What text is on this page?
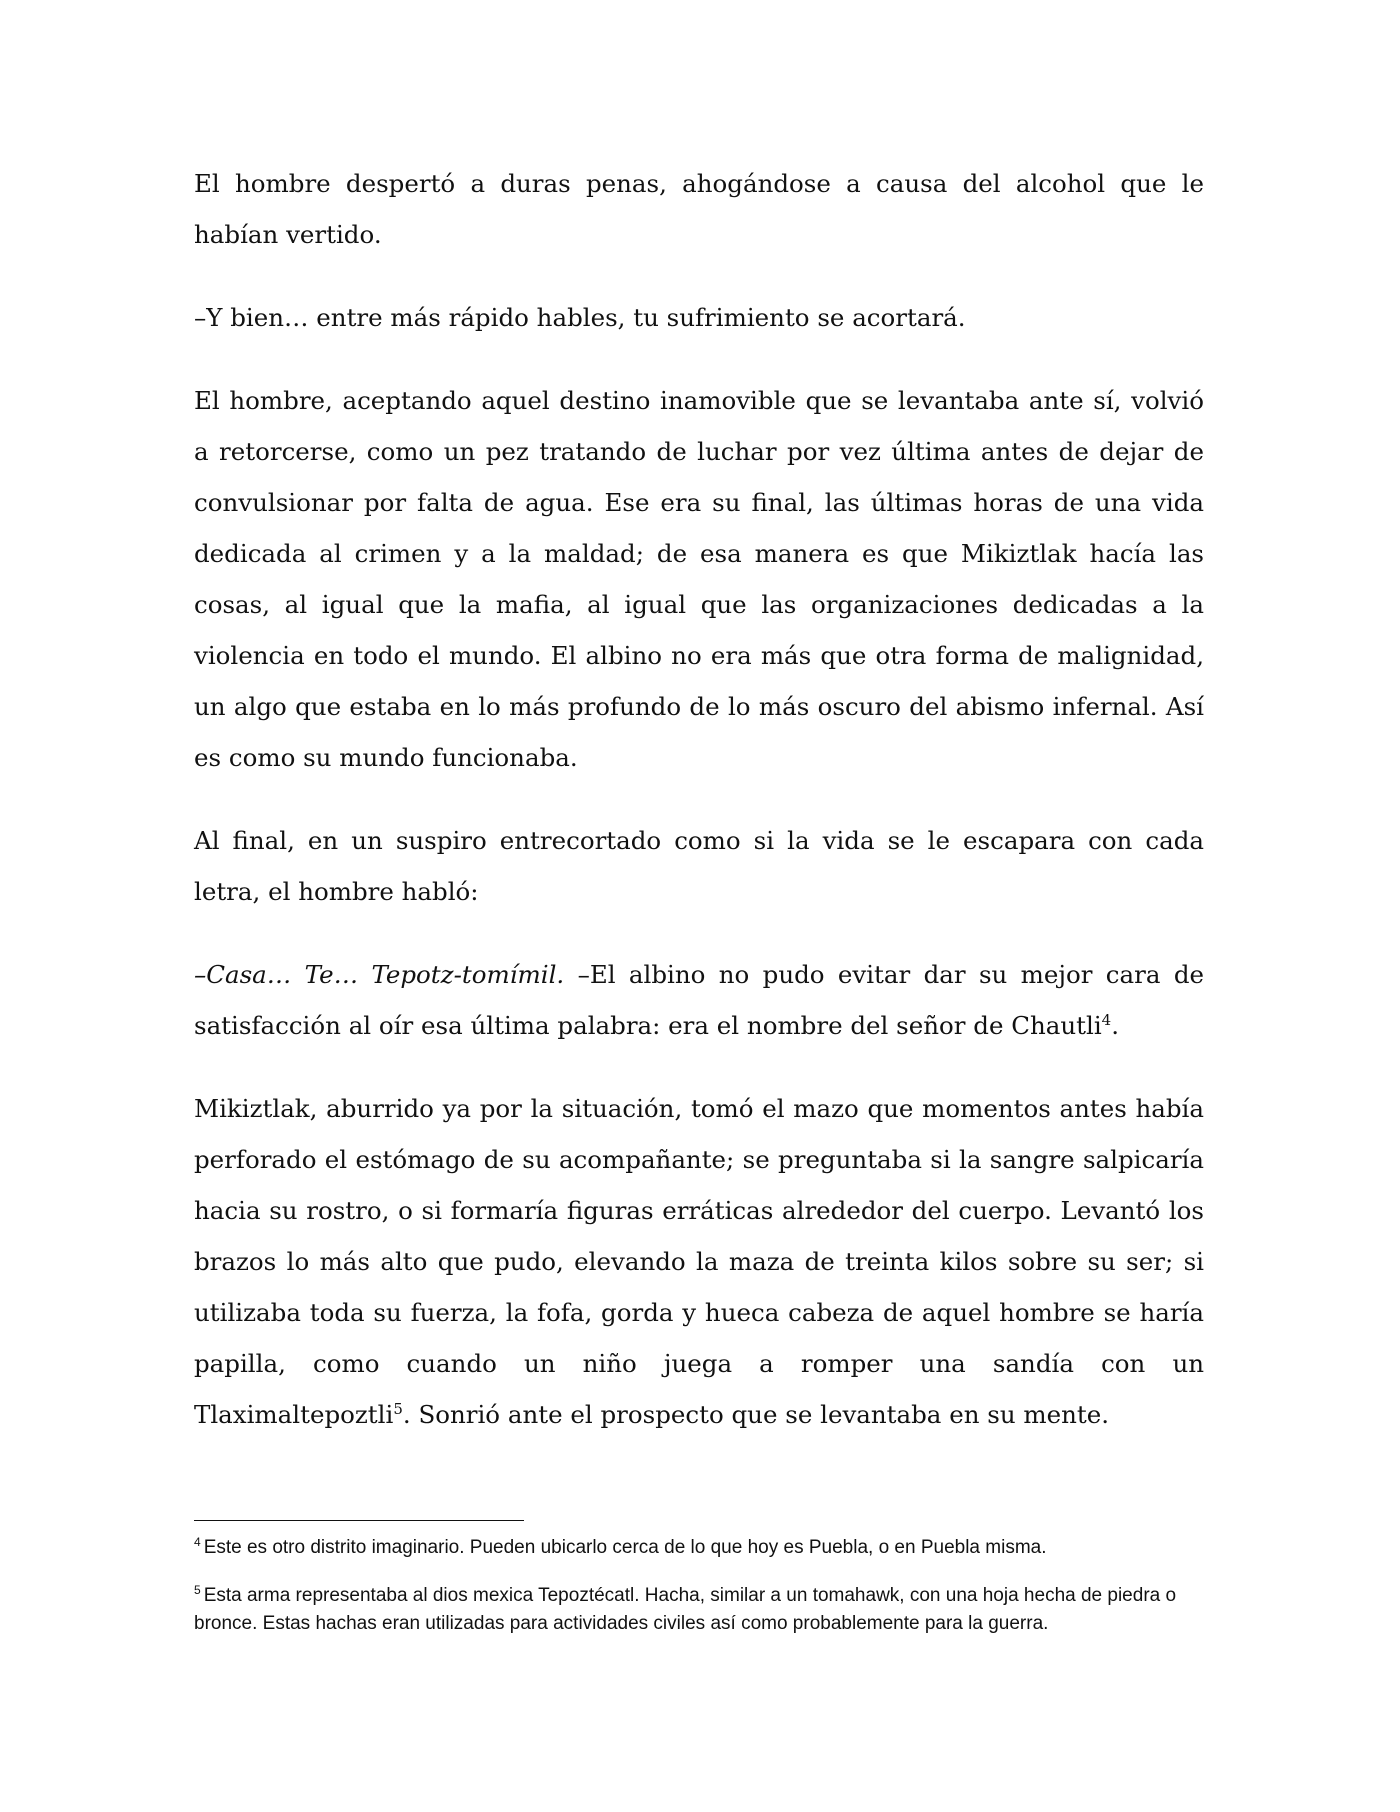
El hombre despertó a duras penas, ahogándose a causa del alcohol que le habían vertido.

–Y bien… entre más rápido hables, tu sufrimiento se acortará.

El hombre, aceptando aquel destino inamovible que se levantaba ante sí, volvió a retorcerse, como un pez tratando de luchar por vez última antes de dejar de convulsionar por falta de agua. Ese era su final, las últimas horas de una vida dedicada al crimen y a la maldad; de esa manera es que Mikiztlak hacía las cosas, al igual que la mafia, al igual que las organizaciones dedicadas a la violencia en todo el mundo. El albino no era más que otra forma de malignidad, un algo que estaba en lo más profundo de lo más oscuro del abismo infernal. Así es como su mundo funcionaba.

Al final, en un suspiro entrecortado como si la vida se le escapara con cada letra, el hombre habló:

–Casa… Te… Tepotz-tomímil. –El albino no pudo evitar dar su mejor cara de satisfacción al oír esa última palabra: era el nombre del señor de Chautli$^4$.

Mikiztlak, aburrido ya por la situación, tomó el mazo que momentos antes había perforado el estómago de su acompañante; se preguntaba si la sangre salpicaría hacia su rostro, o si formaría figuras erráticas alrededor del cuerpo. Levantó los brazos lo más alto que pudo, elevando la maza de treinta kilos sobre su ser; si utilizaba toda su fuerza, la fofa, gorda y hueca cabeza de aquel hombre se haría papilla, como cuando un niño juega a romper una sandía con un Tlaximaltepoztli$^5$. Sonrió ante el prospecto que se levantaba en su mente.

$^4$ Este es otro distrito imaginario. Pueden ubicarlo cerca de lo que hoy es Puebla, o en Puebla misma.

$^5$ Esta arma representaba al dios mexica Tepoztécatl. Hacha, similar a un tomahawk, con una hoja hecha de piedra o bronce. Estas hachas eran utilizadas para actividades civiles así como probablemente para la guerra.
